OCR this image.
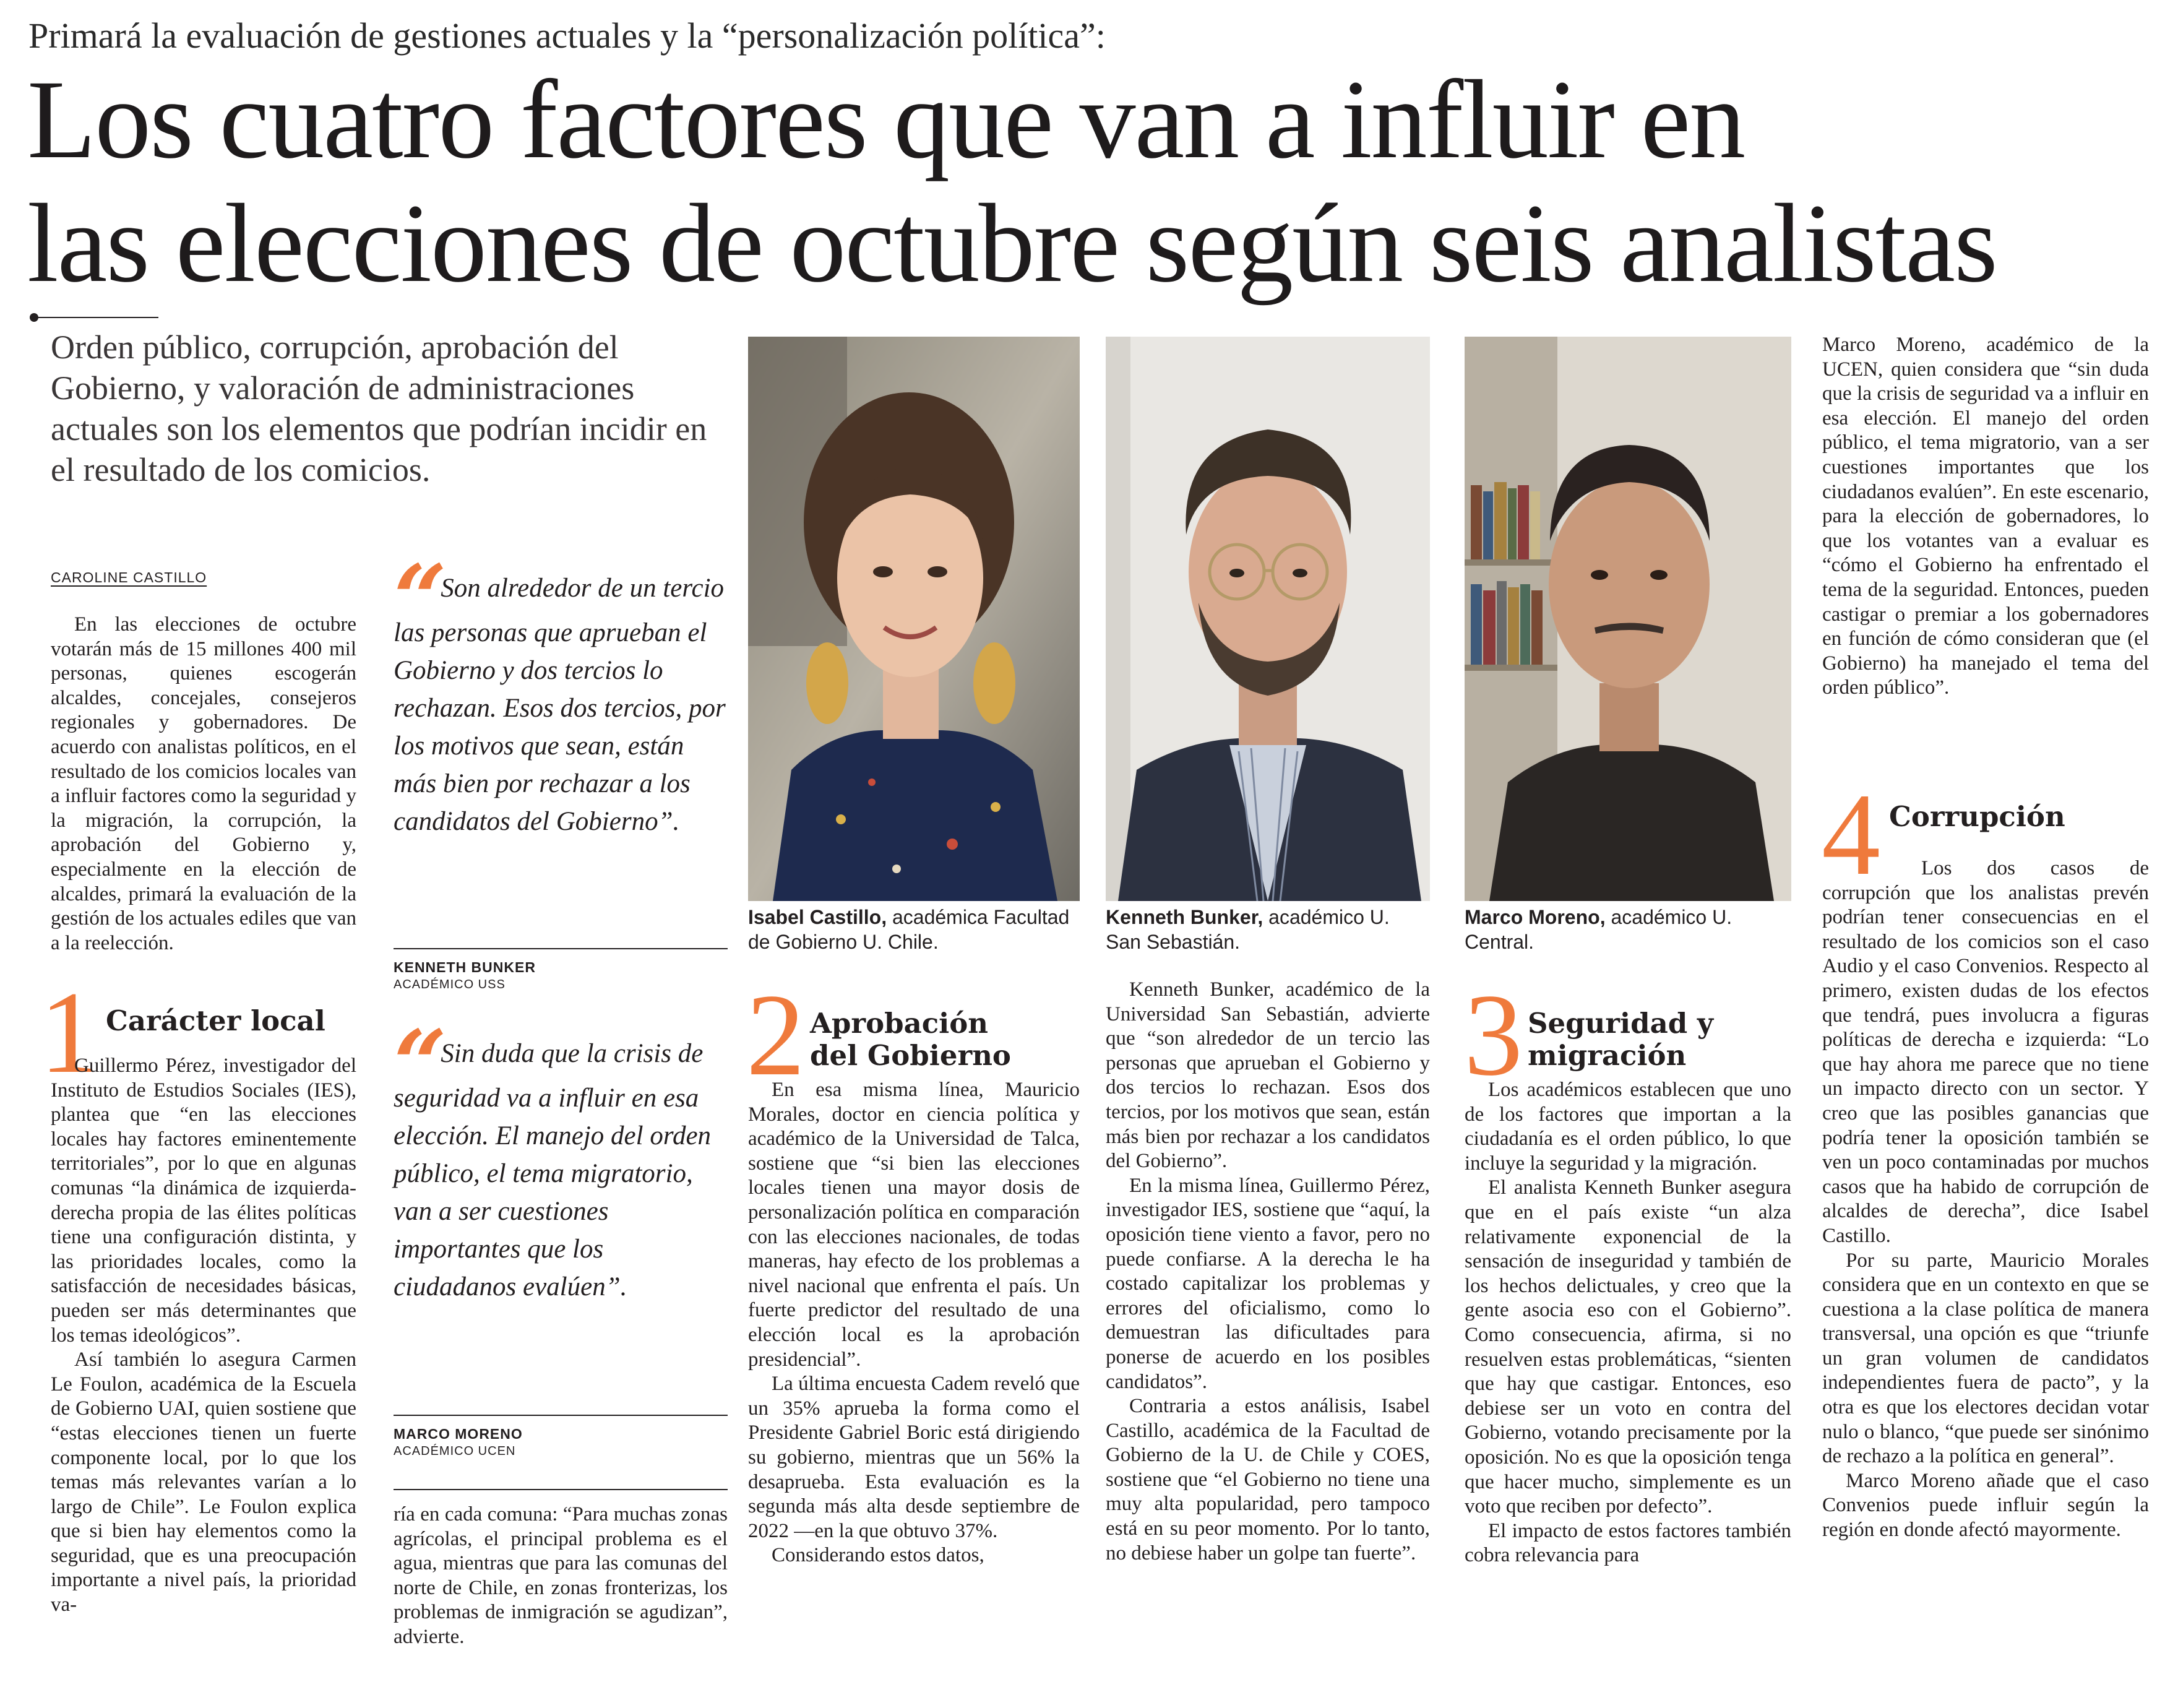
Primará la evaluación de gestiones actuales y la “personalización política”:
Los cuatro factores que van a influir en
las elecciones de octubre según seis analistas
Orden público, corrupción, aprobación del Gobierno, y valoración de administraciones actuales son los elementos que podrían incidir en el resultado de los comicios.
CAROLINE CASTILLO

En las elecciones de octubre votarán más de 15 millones 400 mil personas, quienes escogerán alcaldes, concejales, consejeros regionales y gobernadores. De acuerdo con analistas políticos, en el resultado de los comicios locales van a influir factores como la seguridad y la migración, la corrupción, la aprobación del Gobierno y, especialmente en la elección de alcaldes, primará la evaluación de la gestión de los actuales ediles que van a la reelección.

1 Carácter local

Guillermo Pérez, investigador del Instituto de Estudios Sociales (IES), plantea que “en las elecciones locales hay factores eminentemente territoriales”, por lo que en algunas comunas “la dinámica de izquierda-derecha propia de las élites políticas tiene una configuración distinta, y las prioridades locales, como la satisfacción de necesidades básicas, pueden ser más determinantes que los temas ideológicos”.

Así también lo asegura Carmen Le Foulon, académica de la Escuela de Gobierno UAI, quien sostiene que “estas elecciones tienen un fuerte componente local, por lo que los temas más relevantes varían a lo largo de Chile”. Le Foulon explica que si bien hay elementos como la seguridad, que es una preocupación importante a nivel país, la prioridad va-

“ Son alrededor de un tercio las personas que aprueban el Gobierno y dos tercios lo rechazan. Esos dos tercios, por los motivos que sean, están más bien por rechazar a los candidatos del Gobierno”.
KENNETH BUNKER
ACADÉMICO USS
“ Sin duda que la crisis de seguridad va a influir en esa elección. El manejo del orden público, el tema migratorio, van a ser cuestiones importantes que los ciudadanos evalúen”.
MARCO MORENO
ACADÉMICO UCEN

ría en cada comuna: “Para muchas zonas agrícolas, el principal problema es el agua, mientras que para las comunas del norte de Chile, en zonas fronterizas, los problemas de inmigración se agudizan”, advierte.

Isabel Castillo, académica Facultad de Gobierno U. Chile.
Kenneth Bunker, académico U. San Sebastián.
Marco Moreno, académico U. Central.
2 Aprobación del Gobierno

En esa misma línea, Mauricio Morales, doctor en ciencia política y académico de la Universidad de Talca, sostiene que “si bien las elecciones locales tienen una mayor dosis de personalización política en comparación con las elecciones nacionales, de todas maneras, hay efecto de los problemas a nivel nacional que enfrenta el país. Un fuerte predictor del resultado de una elección local es la aprobación presidencial”.

La última encuesta Cadem reveló que un 35% aprueba la forma como el Presidente Gabriel Boric está dirigiendo su gobierno, mientras que un 56% la desaprueba. Esta evaluación es la segunda más alta desde septiembre de 2022 —en la que obtuvo 37%.

Considerando estos datos,

Kenneth Bunker, académico de la Universidad San Sebastián, advierte que “son alrededor de un tercio las personas que aprueban el Gobierno y dos tercios lo rechazan. Esos dos tercios, por los motivos que sean, están más bien por rechazar a los candidatos del Gobierno”.

En la misma línea, Guillermo Pérez, investigador IES, sostiene que “aquí, la oposición tiene viento a favor, pero no puede confiarse. A la derecha le ha costado capitalizar los problemas y errores del oficialismo, como lo demuestran las dificultades para ponerse de acuerdo en los posibles candidatos”.

Contraria a estos análisis, Isabel Castillo, académica de la Facultad de Gobierno de la U. de Chile y COES, sostiene que “el Gobierno no tiene una muy alta popularidad, pero tampoco está en su peor momento. Por lo tanto, no debiese haber un golpe tan fuerte”.

3 Seguridad y migración

Los académicos establecen que uno de los factores que importan a la ciudadanía es el orden público, lo que incluye la seguridad y la migración.

El analista Kenneth Bunker asegura que en el país existe “un alza relativamente exponencial de la sensación de inseguridad y también de los hechos delictuales, y creo que la gente asocia eso con el Gobierno”. Como consecuencia, afirma, si no resuelven estas problemáticas, “sienten que hay que castigar. Entonces, eso debiese ser un voto en contra del Gobierno, votando precisamente por la oposición. No es que la oposición tenga que hacer mucho, simplemente es un voto que reciben por defecto”.

El impacto de estos factores también cobra relevancia para

Marco Moreno, académico de la UCEN, quien considera que “sin duda que la crisis de seguridad va a influir en esa elección. El manejo del orden público, el tema migratorio, van a ser cuestiones importantes que los ciudadanos evalúen”. En este escenario, para la elección de gobernadores, lo que los votantes van a evaluar es “cómo el Gobierno ha enfrentado el tema de la seguridad. Entonces, pueden castigar o premiar a los gobernadores en función de cómo consideran que (el Gobierno) ha manejado el tema del orden público”.

4 Corrupción

Los dos casos de corrupción que los analistas prevén podrían tener consecuencias en el resultado de los comicios son el caso Audio y el caso Convenios. Respecto al primero, existen dudas de los efectos que tendrá, pues involucra a figuras políticas de derecha e izquierda: “Lo que hay ahora me parece que no tiene un impacto directo con un sector. Y creo que las posibles ganancias que podría tener la oposición también se ven un poco contaminadas por muchos casos que ha habido de corrupción de alcaldes de derecha”, dice Isabel Castillo.

Por su parte, Mauricio Morales considera que en un contexto en que se cuestiona a la clase política de manera transversal, una opción es que “triunfe un gran volumen de candidatos independientes fuera de pacto”, y la otra es que los electores decidan votar nulo o blanco, “que puede ser sinónimo de rechazo a la política en general”.

Marco Moreno añade que el caso Convenios puede influir según la región en donde afectó mayormente.
